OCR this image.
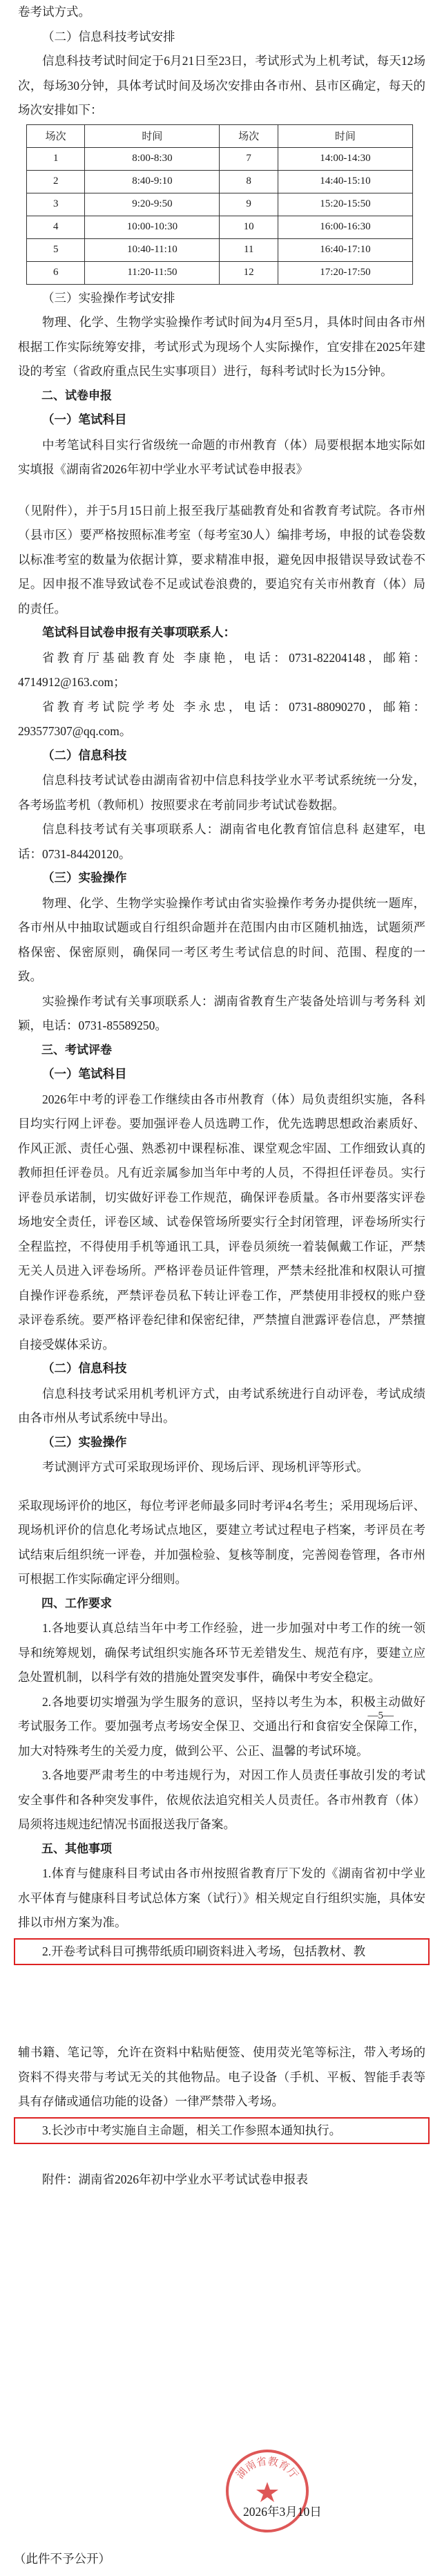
卷考试方式。

（二）信息科技考试安排

信息科技考试时间定于6月21日至23日，考试形式为上机考试，每天12场次，每场30分钟，具体考试时间及场次安排由各市州、县市区确定，每天的场次安排如下：

场次	时间	场次	时间
1	8:00-8:30	7	14:00-14:30
2	8:40-9:10	8	14:40-15:10
3	9:20-9:50	9	15:20-15:50
4	10:00-10:30	10	16:00-16:30
5	10:40-11:10	11	16:40-17:10
6	11:20-11:50	12	17:20-17:50

（三）实验操作考试安排

物理、化学、生物学实验操作考试时间为4月至5月，具体时间由各市州根据工作实际统筹安排，考试形式为现场个人实际操作，宜安排在2025年建设的考室（省政府重点民生实事项目）进行，每科考试时长为15分钟。

二、试卷申报

（一）笔试科目

中考笔试科目实行省级统一命题的市州教育（体）局要根据本地实际如实填报《湖南省2026年初中学业水平考试试卷申报表》

（见附件），并于5月15日前上报至我厅基础教育处和省教育考试院。各市州（县市区）要严格按照标准考室（每考室30人）编排考场，申报的试卷袋数以标准考室的数量为依据计算，要求精准申报，避免因申报错误导致试卷不足。因申报不准导致试卷不足或试卷浪费的，要追究有关市州教育（体）局的责任。

笔试科目试卷申报有关事项联系人：

省教育厅基础教育处 李康艳，电话：0731-82204148，邮箱：4714912@163.com；

省教育考试院学考处 李永忠，电话：0731-88090270，邮箱：293577307@qq.com。

（二）信息科技

信息科技考试试卷由湖南省初中信息科技学业水平考试系统统一分发，各考场监考机（教师机）按照要求在考前同步考试试卷数据。

信息科技考试有关事项联系人：湖南省电化教育馆信息科 赵建军，电话：0731-84420120。

（三）实验操作

物理、化学、生物学实验操作考试由省实验操作考务办提供统一题库，各市州从中抽取试题或自行组织命题并在范围内由市区随机抽选，试题须严格保密、保密原则，确保同一考区考生考试信息的时间、范围、程度的一致。

实验操作考试有关事项联系人：湖南省教育生产装备处培训与考务科 刘颖，电话：0731-85589250。

三、考试评卷

（一）笔试科目

2026年中考的评卷工作继续由各市州教育（体）局负责组织实施，各科目均实行网上评卷。要加强评卷人员选聘工作，优先选聘思想政治素质好、作风正派、责任心强、熟悉初中课程标准、课堂观念牢固、工作细致认真的教师担任评卷员。凡有近亲属参加当年中考的人员，不得担任评卷员。实行评卷员承诺制，切实做好评卷工作规范，确保评卷质量。各市州要落实评卷场地安全责任，评卷区域、试卷保管场所要实行全封闭管理，评卷场所实行全程监控，不得使用手机等通讯工具，评卷员须统一着装佩戴工作证，严禁无关人员进入评卷场所。严格评卷员证件管理，严禁未经批准和权限认可擅自操作评卷系统，严禁评卷员私下转让评卷工作，严禁使用非授权的账户登录评卷系统。要严格评卷纪律和保密纪律，严禁擅自泄露评卷信息，严禁擅自接受媒体采访。

（二）信息科技

信息科技考试采用机考机评方式，由考试系统进行自动评卷，考试成绩由各市州从考试系统中导出。

（三）实验操作

考试测评方式可采取现场评价、现场后评、现场机评等形式。

采取现场评价的地区，每位考评老师最多同时考评4名考生；采用现场后评、现场机评价的信息化考场试点地区，要建立考试过程电子档案，考评员在考试结束后组织统一评卷，并加强检验、复核等制度，完善阅卷管理，各市州可根据工作实际确定评分细则。

四、工作要求

1.各地要认真总结当年中考工作经验，进一步加强对中考工作的统一领导和统筹规划，确保考试组织实施各环节无差错发生、规范有序，要建立应急处置机制，以科学有效的措施处置突发事件，确保中考安全稳定。

2.各地要切实增强为学生服务的意识，坚持以考生为本，积极主动做好考试服务工作。要加强考点考场安全保卫、交通出行和食宿安全保障工作，加大对特殊考生的关爱力度，做到公平、公正、温馨的考试环境。

3.各地要严肃考生的中考违规行为，对因工作人员责任事故引发的考试安全事件和各种突发事件，依规依法追究相关人员责任。各市州教育（体）局须将违规违纪情况书面报送我厅备案。

五、其他事项

1.体育与健康科目考试由各市州按照省教育厅下发的《湖南省初中学业水平体育与健康科目考试总体方案（试行）》相关规定自行组织实施，具体安排以市州方案为准。

2.开卷考试科目可携带纸质印刷资料进入考场，包括教材、教

辅书籍、笔记等，允许在资料中粘贴便签、使用荧光笔等标注，带入考场的资料不得夹带与考试无关的其他物品。电子设备（手机、平板、智能手表等具有存储或通信功能的设备）一律严禁带入考场。

3.长沙市中考实施自主命题，相关工作参照本通知执行。

附件：湖南省2026年初中学业水平考试试卷申报表

—5—
湖南省教育厅
2026年3月10日
（此件不予公开）
